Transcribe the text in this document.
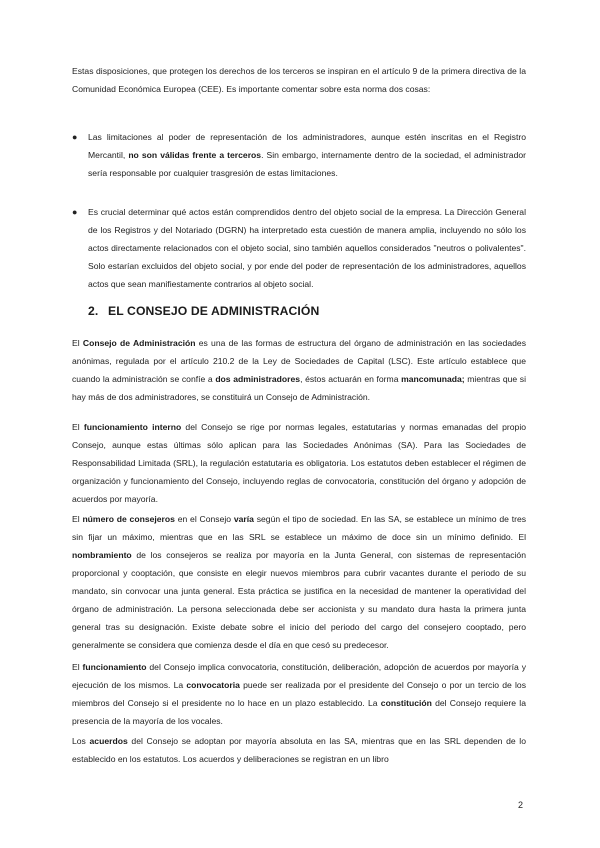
Estas disposiciones, que protegen los derechos de los terceros se inspiran en el artículo 9 de la primera directiva de la Comunidad Económica Europea (CEE). Es importante comentar sobre esta norma dos cosas:

● Las limitaciones al poder de representación de los administradores, aunque estén inscritas en el Registro Mercantil, no son válidas frente a terceros. Sin embargo, internamente dentro de la sociedad, el administrador sería responsable por cualquier trasgresión de estas limitaciones.
● Es crucial determinar qué actos están comprendidos dentro del objeto social de la empresa. La Dirección General de los Registros y del Notariado (DGRN) ha interpretado esta cuestión de manera amplia, incluyendo no sólo los actos directamente relacionados con el objeto social, sino también aquellos considerados "neutros o polivalentes". Solo estarían excluidos del objeto social, y por ende del poder de representación de los administradores, aquellos actos que sean manifiestamente contrarios al objeto social.
2. EL CONSEJO DE ADMINISTRACIÓN

El Consejo de Administración es una de las formas de estructura del órgano de administración en las sociedades anónimas, regulada por el artículo 210.2 de la Ley de Sociedades de Capital (LSC). Este artículo establece que cuando la administración se confíe a dos administradores, éstos actuarán en forma mancomunada; mientras que si hay más de dos administradores, se constituirá un Consejo de Administración.

El funcionamiento interno del Consejo se rige por normas legales, estatutarias y normas emanadas del propio Consejo, aunque estas últimas sólo aplican para las Sociedades Anónimas (SA). Para las Sociedades de Responsabilidad Limitada (SRL), la regulación estatutaria es obligatoria. Los estatutos deben establecer el régimen de organización y funcionamiento del Consejo, incluyendo reglas de convocatoria, constitución del órgano y adopción de acuerdos por mayoría.

El número de consejeros en el Consejo varía según el tipo de sociedad. En las SA, se establece un mínimo de tres sin fijar un máximo, mientras que en las SRL se establece un máximo de doce sin un mínimo definido. El nombramiento de los consejeros se realiza por mayoría en la Junta General, con sistemas de representación proporcional y cooptación, que consiste en elegir nuevos miembros para cubrir vacantes durante el periodo de su mandato, sin convocar una junta general. Esta práctica se justifica en la necesidad de mantener la operatividad del órgano de administración. La persona seleccionada debe ser accionista y su mandato dura hasta la primera junta general tras su designación. Existe debate sobre el inicio del periodo del cargo del consejero cooptado, pero generalmente se considera que comienza desde el día en que cesó su predecesor.

El funcionamiento del Consejo implica convocatoria, constitución, deliberación, adopción de acuerdos por mayoría y ejecución de los mismos. La convocatoria puede ser realizada por el presidente del Consejo o por un tercio de los miembros del Consejo si el presidente no lo hace en un plazo establecido. La constitución del Consejo requiere la presencia de la mayoría de los vocales.

Los acuerdos del Consejo se adoptan por mayoría absoluta en las SA, mientras que en las SRL dependen de lo establecido en los estatutos. Los acuerdos y deliberaciones se registran en un libro

2
